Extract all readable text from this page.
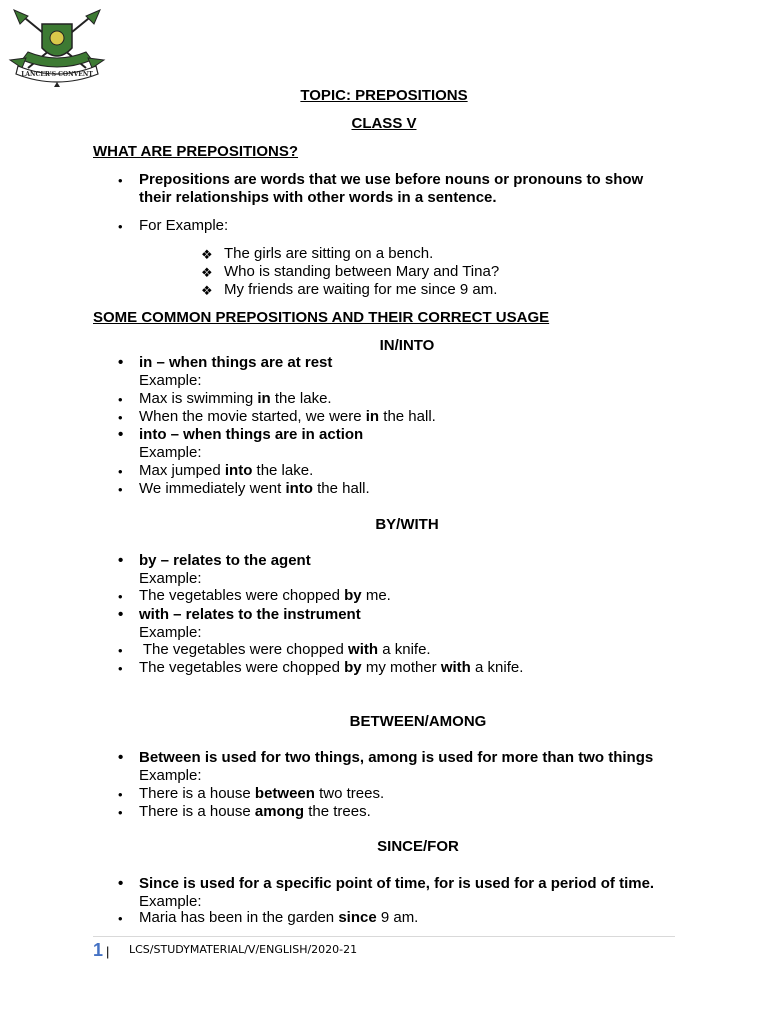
LANCER'S CONVENT
TOPIC: PREPOSITIONS
CLASS V
WHAT ARE PREPOSITIONS?
• Prepositions are words that we use before nouns or pronouns to show their relationships with other words in a sentence.
• For Example:
❖ The girls are sitting on a bench.
❖ Who is standing between Mary and Tina?
❖ My friends are waiting for me since 9 am.
SOME COMMON PREPOSITIONS AND THEIR CORRECT USAGE
IN/INTO
• in – when things are at rest
Example:
• Max is swimming in the lake.
• When the movie started, we were in the hall.
• into – when things are in action
Example:
• Max jumped into the lake.
• We immediately went into the hall.
BY/WITH
• by – relates to the agent
Example:
• The vegetables were chopped by me.
• with – relates to the instrument
Example:
• The vegetables were chopped with a knife.
• The vegetables were chopped by my mother with a knife.
BETWEEN/AMONG
• Between is used for two things, among is used for more than two things
Example:
• There is a house between two trees.
• There is a house among the trees.
SINCE/FOR
• Since is used for a specific point of time, for is used for a period of time.
Example:
• Maria has been in the garden since 9 am.
1 | LCS/STUDYMATERIAL/V/ENGLISH/2020-21
